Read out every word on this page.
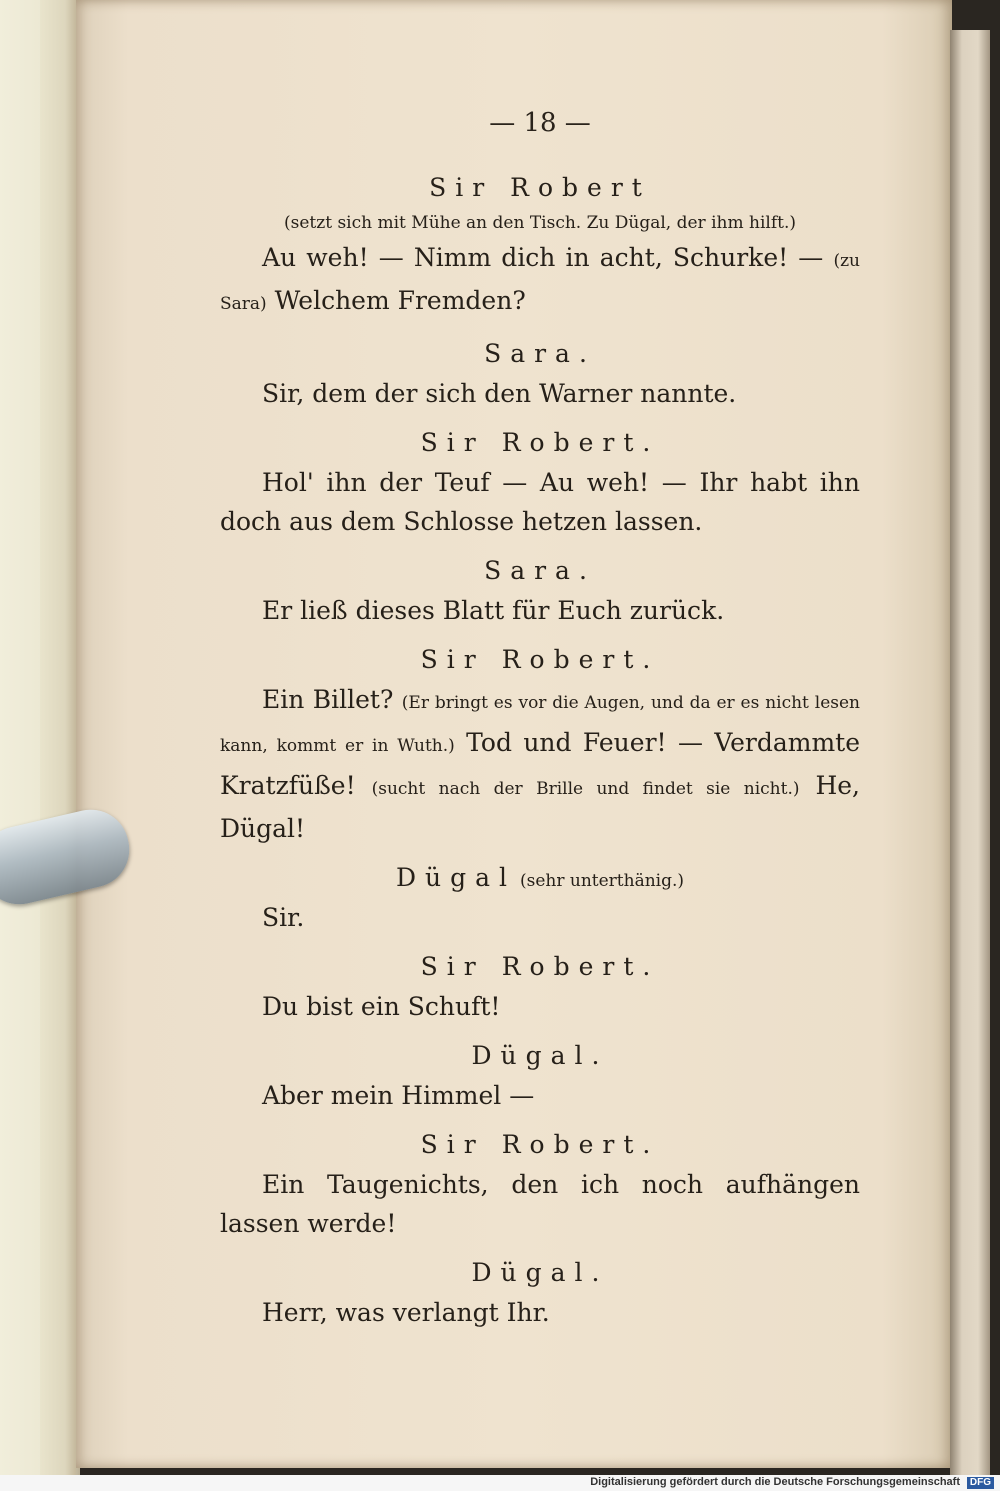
— 18 —
Sir Robert
(setzt sich mit Mühe an den Tisch. Zu Dügal, der ihm hilft.)

Au weh! — Nimm dich in acht, Schurke! — (zu Sara) Welchem Fremden?

Sara.

Sir, dem der sich den Warner nannte.

Sir Robert.

Hol' ihn der Teuf — Au weh! — Ihr habt ihn doch aus dem Schlosse hetzen lassen.

Sara.

Er ließ dieses Blatt für Euch zurück.

Sir Robert.

Ein Billet? (Er bringt es vor die Augen, und da er es nicht lesen kann, kommt er in Wuth.) Tod und Feuer! — Verdammte Kratzfüße! (sucht nach der Brille und findet sie nicht.) He, Dügal!

Dügal (sehr unterthänig.)

Sir.

Sir Robert.

Du bist ein Schuft!

Dügal.

Aber mein Himmel —

Sir Robert.

Ein Taugenichts, den ich noch aufhängen lassen werde!

Dügal.

Herr, was verlangt Ihr.

Digitalisierung gefördert durch die Deutsche Forschungsgemeinschaft DFG
